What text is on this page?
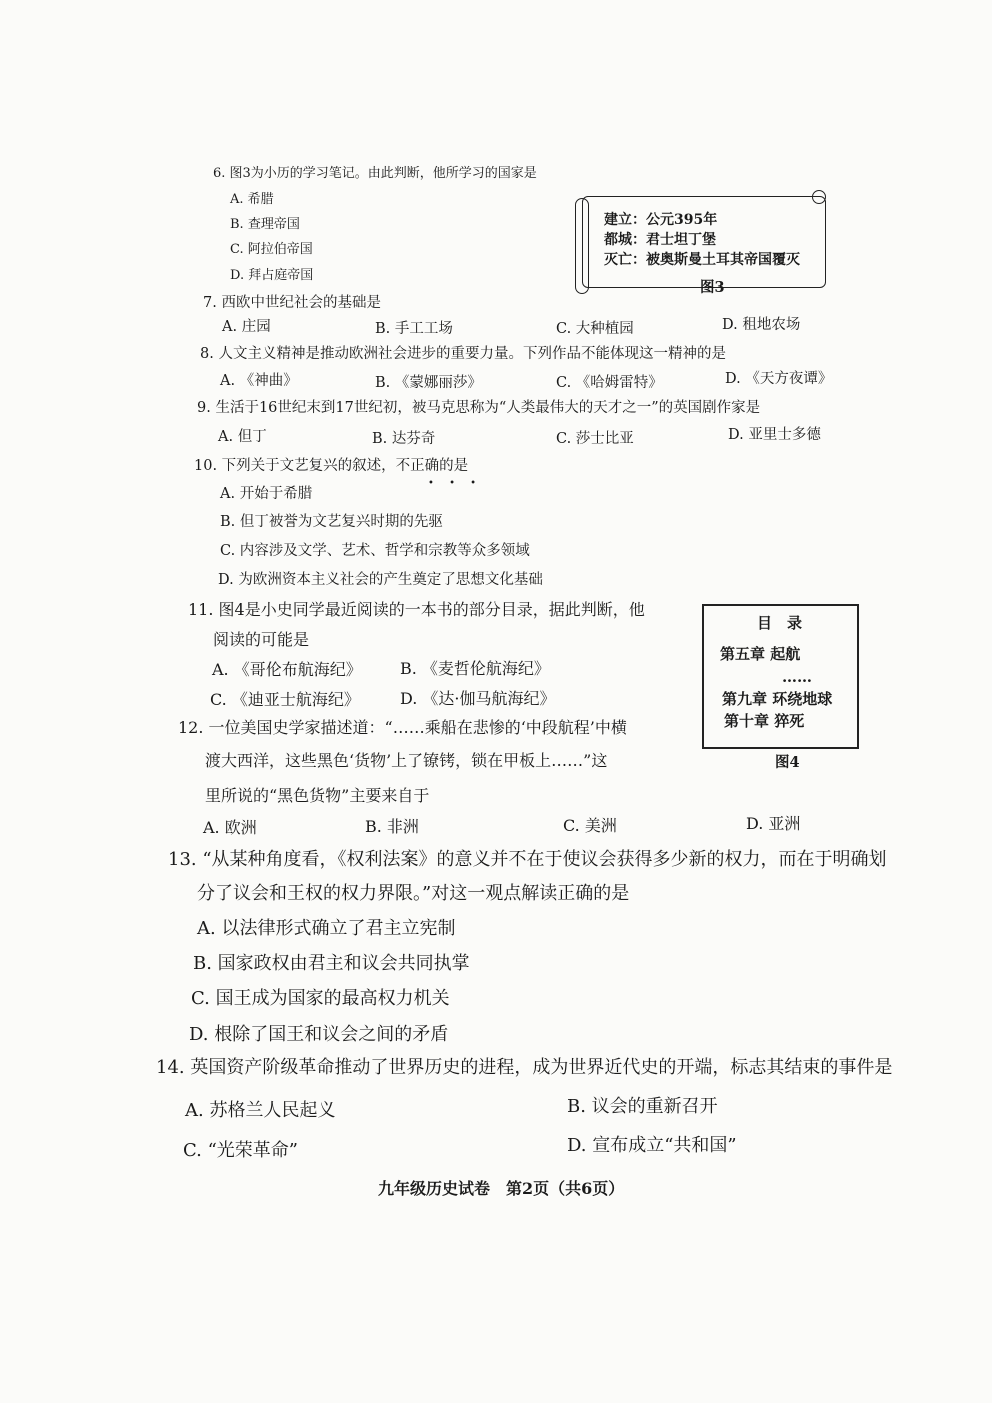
6. 图3为小历的学习笔记。由此判断，他所学习的国家是
A. 希腊
B. 查理帝国
C. 阿拉伯帝国
D. 拜占庭帝国
建立：公元395年
都城：君士坦丁堡
灭亡：被奥斯曼土耳其帝国覆灭
图3
7. 西欧中世纪社会的基础是
A. 庄园	B. 手工工场	C. 大种植园	D. 租地农场
8. 人文主义精神是推动欧洲社会进步的重要力量。下列作品不能体现这一精神的是
A. 《神曲》	B. 《蒙娜丽莎》	C. 《哈姆雷特》	D. 《天方夜谭》
9. 生活于16世纪末到17世纪初，被马克思称为“人类最伟大的天才之一”的英国剧作家是
A. 但丁	B. 达芬奇	C. 莎士比亚	D. 亚里士多德
10. 下列关于文艺复兴的叙述，不正确的是
• • •
A. 开始于希腊
B. 但丁被誉为文艺复兴时期的先驱
C. 内容涉及文学、艺术、哲学和宗教等众多领域
D. 为欧洲资本主义社会的产生奠定了思想文化基础
11. 图4是小史同学最近阅读的一本书的部分目录，据此判断，他
阅读的可能是
A. 《哥伦布航海纪》 B. 《麦哲伦航海纪》
C. 《迪亚士航海纪》	D. 《达·伽马航海纪》
目　录
第五章 起航
……
第九章 环绕地球
第十章 猝死
图4
12. 一位美国史学家描述道：“……乘船在悲惨的‘中段航程’中横
渡大西洋，这些黑色‘货物’上了镣铐，锁在甲板上……”这
里所说的“黑色货物”主要来自于
A. 欧洲	B. 非洲	C. 美洲	D. 亚洲
13. “从某种角度看，《权利法案》的意义并不在于使议会获得多少新的权力，而在于明确划
分了议会和王权的权力界限。”对这一观点解读正确的是
A. 以法律形式确立了君主立宪制
B. 国家政权由君主和议会共同执掌
C. 国王成为国家的最高权力机关
D. 根除了国王和议会之间的矛盾
14. 英国资产阶级革命推动了世界历史的进程，成为世界近代史的开端，标志其结束的事件是
A. 苏格兰人民起义	B. 议会的重新召开
C. “光荣革命”	D. 宣布成立“共和国”
九年级历史试卷　第2页（共6页）
